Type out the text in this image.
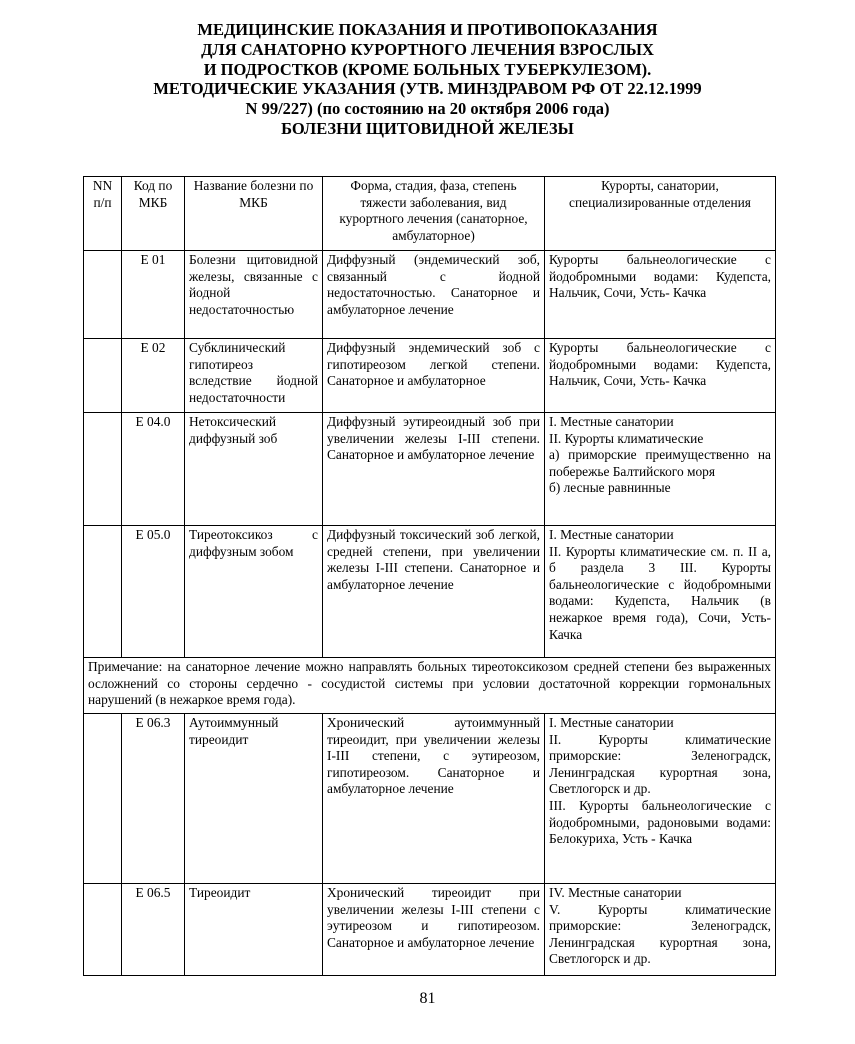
МЕДИЦИНСКИЕ ПОКАЗАНИЯ И ПРОТИВОПОКАЗАНИЯ
ДЛЯ САНАТОРНО КУРОРТНОГО ЛЕЧЕНИЯ ВЗРОСЛЫХ
И ПОДРОСТКОВ (КРОМЕ БОЛЬНЫХ ТУБЕРКУЛЕЗОМ).
МЕТОДИЧЕСКИЕ УКАЗАНИЯ (УТВ. МИНЗДРАВОМ РФ ОТ 22.12.1999
N 99/227) (по состоянию на 20 октября 2006 года)
БОЛЕЗНИ ЩИТОВИДНОЙ ЖЕЛЕЗЫ
NN п/п	Код по МКБ	Название болезни по МКБ	Форма, стадия, фаза, степень тяжести заболевания, вид курортного лечения (санаторное, амбулаторное)	Курорты, санатории, специализированные отделения
	Е 01	Болезни щитовидной железы, связанные с йодной недостаточностью	Диффузный (эндемический зоб, связанный с йодной недостаточностью. Санаторное и амбулаторное лечение	Курорты бальнеологические с йодобромными водами: Кудепста, Нальчик, Сочи, Усть- Качка

	Е 02	Субклинический гипотиреоз вследствие йодной недостаточности	Диффузный эндемический зоб с гипотиреозом легкой степени. Санаторное и амбулаторное	Курорты бальнеологические с йодобромными водами: Кудепста, Нальчик, Сочи, Усть- Качка

	Е 04.0	Нетоксический диффузный зоб	Диффузный эутиреоидный зоб при увеличении железы I-III степени. Санаторное и амбулаторное лечение	I. Местные санатории
II. Курорты климатические
а) приморские преимущественно на побережье Балтийского моря
б) лесные равнинные

	Е 05.0	Тиреотоксикоз с диффузным зобом	Диффузный токсический зоб легкой, средней степени, при увеличении железы I-III степени. Санаторное и амбулаторное лечение	I. Местные санатории
II. Курорты климатические см. п. II а, б раздела 3 III. Курорты бальнеологические с йодобромными водами: Кудепста, Нальчик (в нежаркое время года), Сочи, Усть-Качка

Примечание: на санаторное лечение можно направлять больных тиреотоксикозом средней степени без выраженных осложнений со стороны сердечно - сосудистой системы при условии достаточной коррекции гормональных нарушений (в нежаркое время года).				
	Е 06.3	Аутоиммунный тиреоидит	Хронический аутоиммунный тиреоидит, при увеличении железы I-III степени, с эутиреозом, гипотиреозом. Санаторное и амбулаторное лечение	I. Местные санатории
II. Курорты климатические приморские: Зеленоградск, Ленинградская курортная зона, Светлогорск и др.
III. Курорты бальнеологические с йодобромными, радоновыми водами: Белокуриха, Усть - Качка

	Е 06.5	Тиреоидит	Хронический тиреоидит при увеличении железы I-III степени с эутиреозом и гипотиреозом. Санаторное и амбулаторное лечение	IV. Местные санатории
V. Курорты климатические приморские: Зеленоградск, Ленинградская курортная зона, Светлогорск и др.
81
